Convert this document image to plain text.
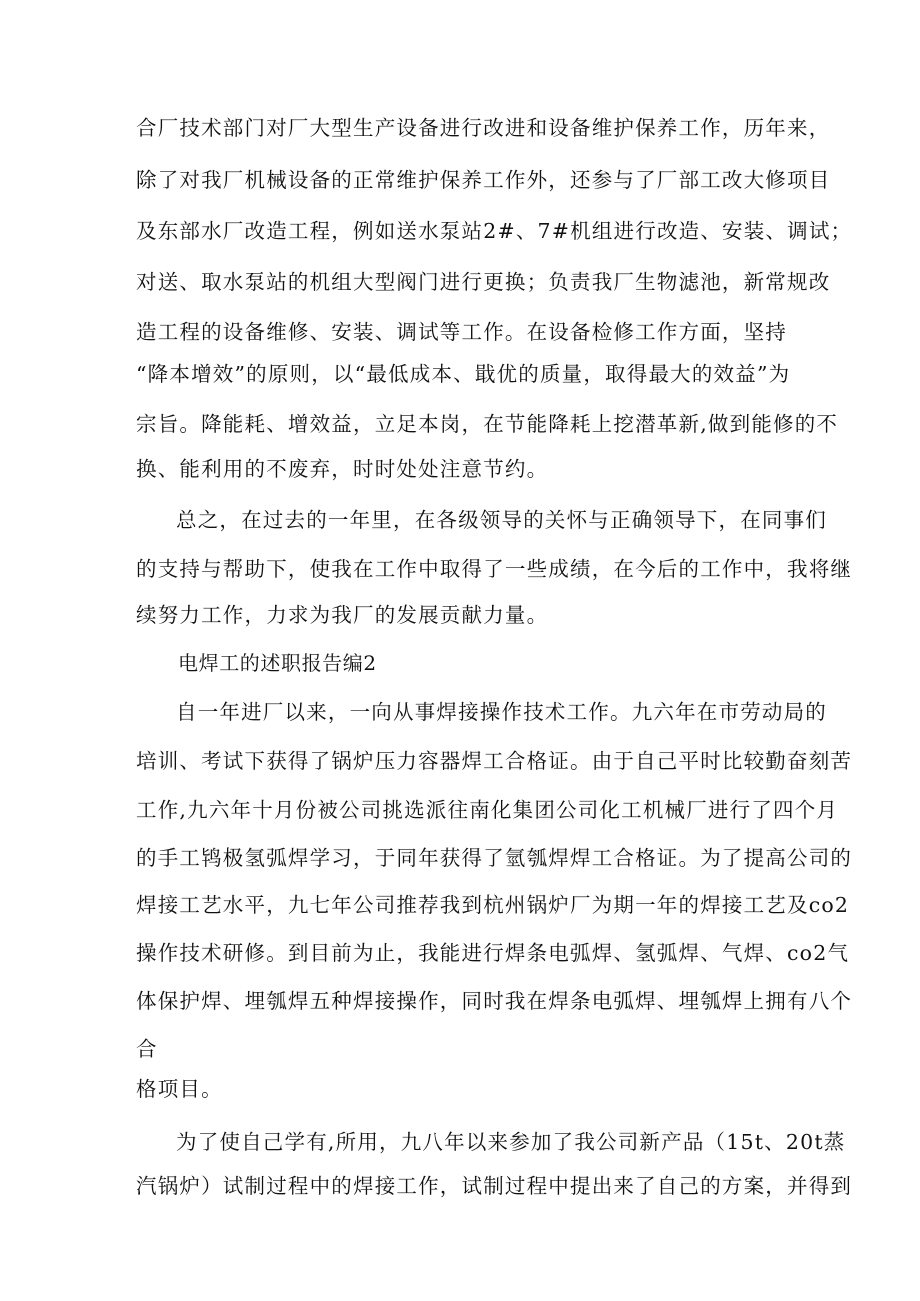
合厂技术部门对厂大型生产设备进行改进和设备维护保养工作，历年来，
除了对我厂机械设备的正常维护保养工作外，还参与了厂部工改大修项目
及东部水厂改造工程，例如送水泵站2#、7#机组进行改造、安装、调试；
对送、取水泵站的机组大型阀门进行更换；负责我厂生物滤池，新常规改
造工程的设备维修、安装、调试等工作。在设备检修工作方面，坚持
“降本增效”的原则，以“最低成本、戢优的质量，取得最大的效益”为
宗旨。降能耗、增效益，立足本岗，在节能降耗上挖潜革新,做到能修的不
换、能利用的不废弃，时时处处注意节约。
总之，在过去的一年里，在各级领导的关怀与正确领导下，在同事们
的支持与帮助下，使我在工作中取得了一些成绩，在今后的工作中，我将继
续努力工作，力求为我厂的发展贡献力量。
电焊工的述职报告编2
自一年进厂以来，一向从事焊接操作技术工作。九六年在市劳动局的
培训、考试下获得了锅炉压力容器焊工合格证。由于自己平时比较勤奋刻苦
工作,九六年十月份被公司挑选派往南化集团公司化工机械厂进行了四个月
的手工鸨极氢弧焊学习，于同年获得了氫瓠焊焊工合格证。为了提高公司的
焊接工艺水平，九七年公司推荐我到杭州锅炉厂为期一年的焊接工艺及co2
操作技术研修。到目前为止，我能进行焊条电弧焊、氢弧焊、气焊、co2气
体保护焊、埋瓠焊五种焊接操作，同时我在焊条电弧焊、埋瓠焊上拥有八个
合
格项目。
为了使自己学有,所用，九八年以来参加了我公司新产品（15t、20t蒸
汽锅炉）试制过程中的焊接工作，试制过程中提出来了自己的方案，并得到
